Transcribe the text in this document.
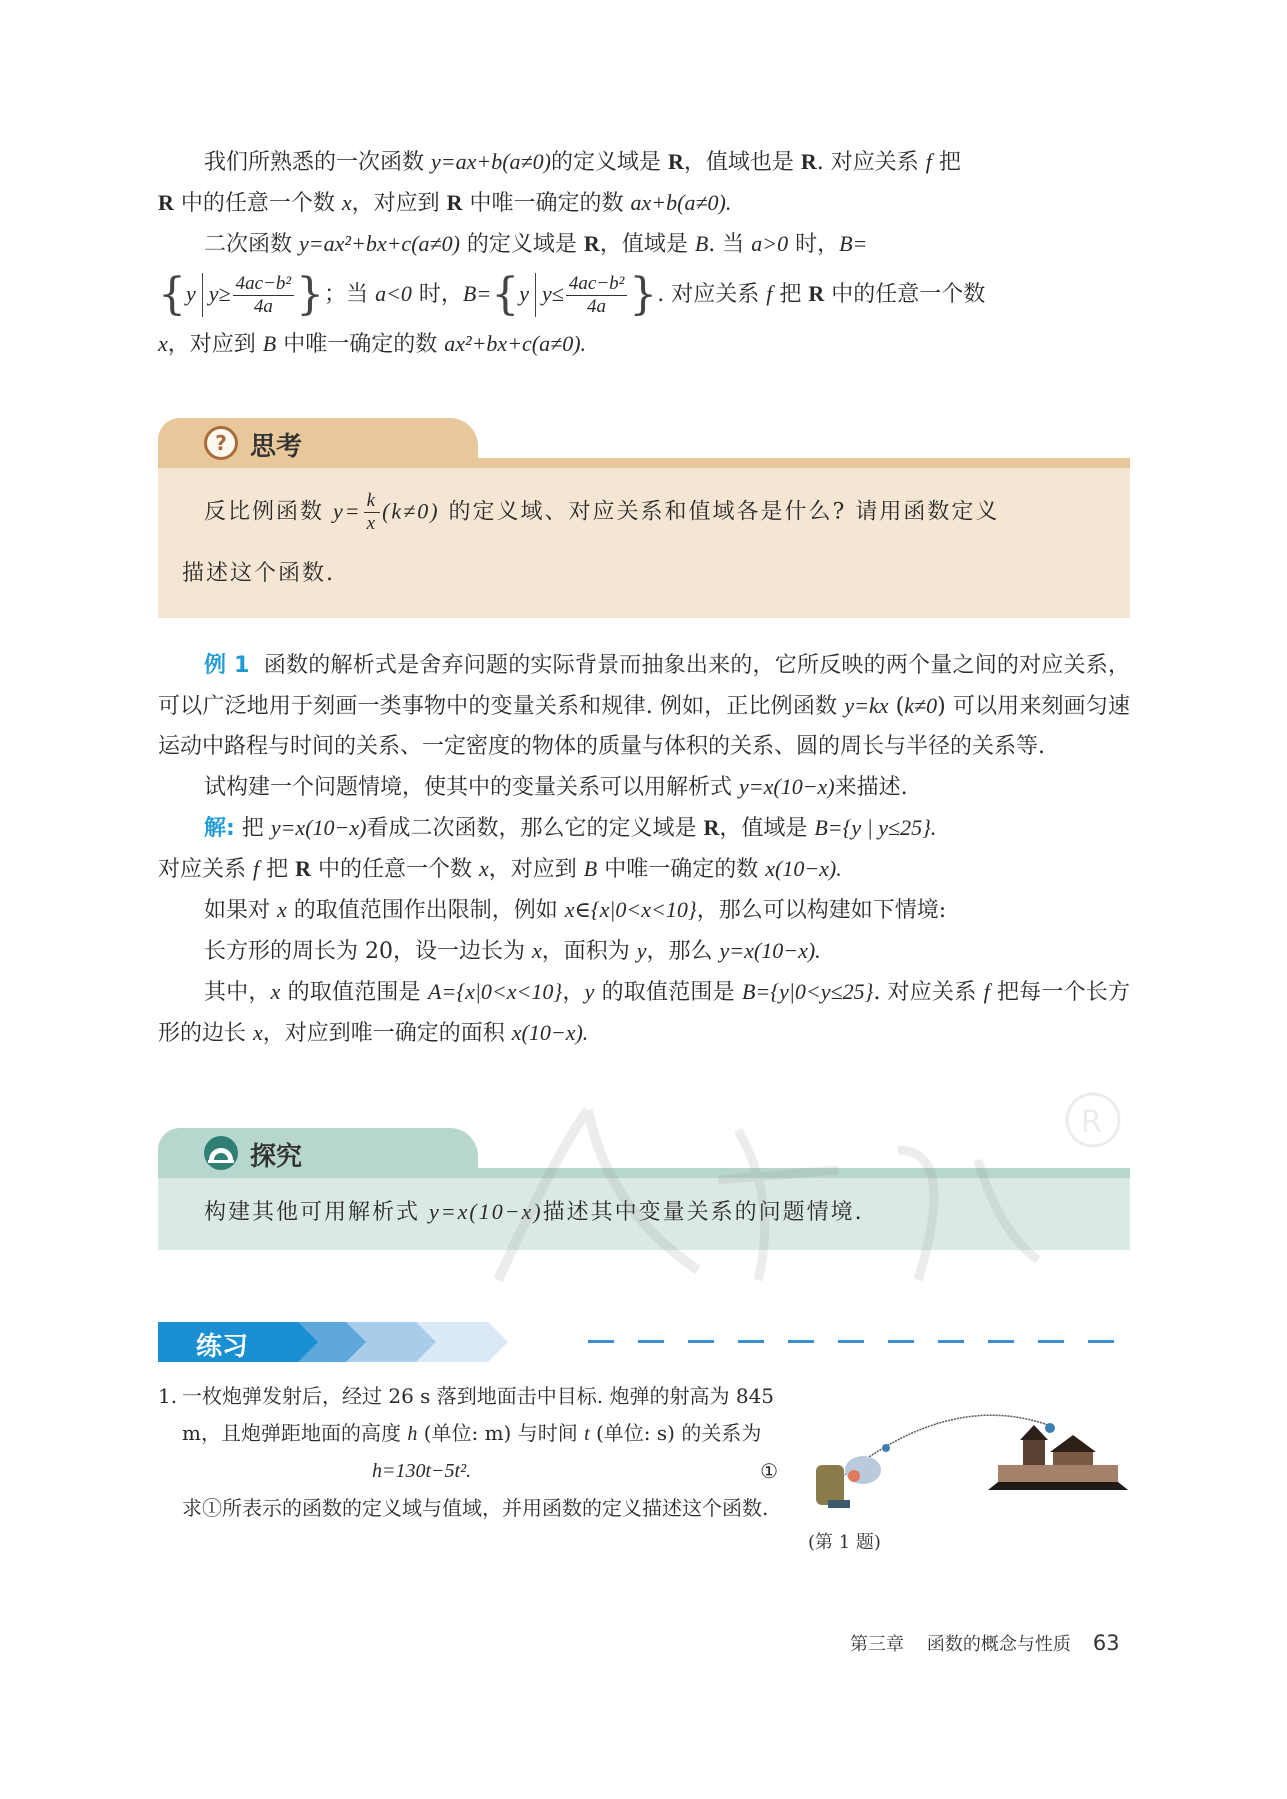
我们所熟悉的一次函数 y=ax+b(a≠0)的定义域是 R，值域也是 R. 对应关系 f 把
R 中的任意一个数 x，对应到 R 中唯一确定的数 ax+b(a≠0).

二次函数 y=ax²+bx+c(a≠0) 的定义域是 R，值域是 B. 当 a>0 时，B=

{y $y\ge \frac{\text{4ac−b²}}{4a}$ }；当 a<0 时，B={y $y\le \frac{\text{4ac−b²}}{4a}$ }. 对应关系 f 把 R 中的任意一个数

x，对应到 B 中唯一确定的数 ax²+bx+c(a≠0).

? 思考
反比例函数 $y= \frac{k}{x} (k\ne 0)$ 的定义域、对应关系和值域各是什么? 请用函数定义
描述这个函数.

例 1 函数的解析式是舍弃问题的实际背景而抽象出来的，它所反映的两个量之间的对应关系，可以广泛地用于刻画一类事物中的变量关系和规律. 例如，正比例函数 y=kx (k≠0) 可以用来刻画匀速运动中路程与时间的关系、一定密度的物体的质量与体积的关系、圆的周长与半径的关系等.

试构建一个问题情境，使其中的变量关系可以用解析式 y=x(10−x)来描述.

解: 把 y=x(10−x)看成二次函数，那么它的定义域是 R，值域是 B={y | y≤25}.
对应关系 f 把 R 中的任意一个数 x，对应到 B 中唯一确定的数 x(10−x).

如果对 x 的取值范围作出限制，例如 x∈{x|0<x<10}，那么可以构建如下情境:

长方形的周长为 20，设一边长为 x，面积为 y，那么 y=x(10−x).

其中，x 的取值范围是 A={x|0<x<10}，y 的取值范围是 B={y|0<y≤25}. 对应关系 f 把每一个长方形的边长 x，对应到唯一确定的面积 x(10−x).

探究
构建其他可用解析式 y=x(10−x)描述其中变量关系的问题情境.
R
练习
1. 一枚炮弹发射后，经过 26 s 落到地面击中目标. 炮弹的射高为 845 m，且炮弹距地面的高度 h (单位: m) 与时间 t (单位: s) 的关系为
h=130t−5t².	①
求①所表示的函数的定义域与值域，并用函数的定义描述这个函数.
(第 1 题)
第三章 函数的概念与性质 63
